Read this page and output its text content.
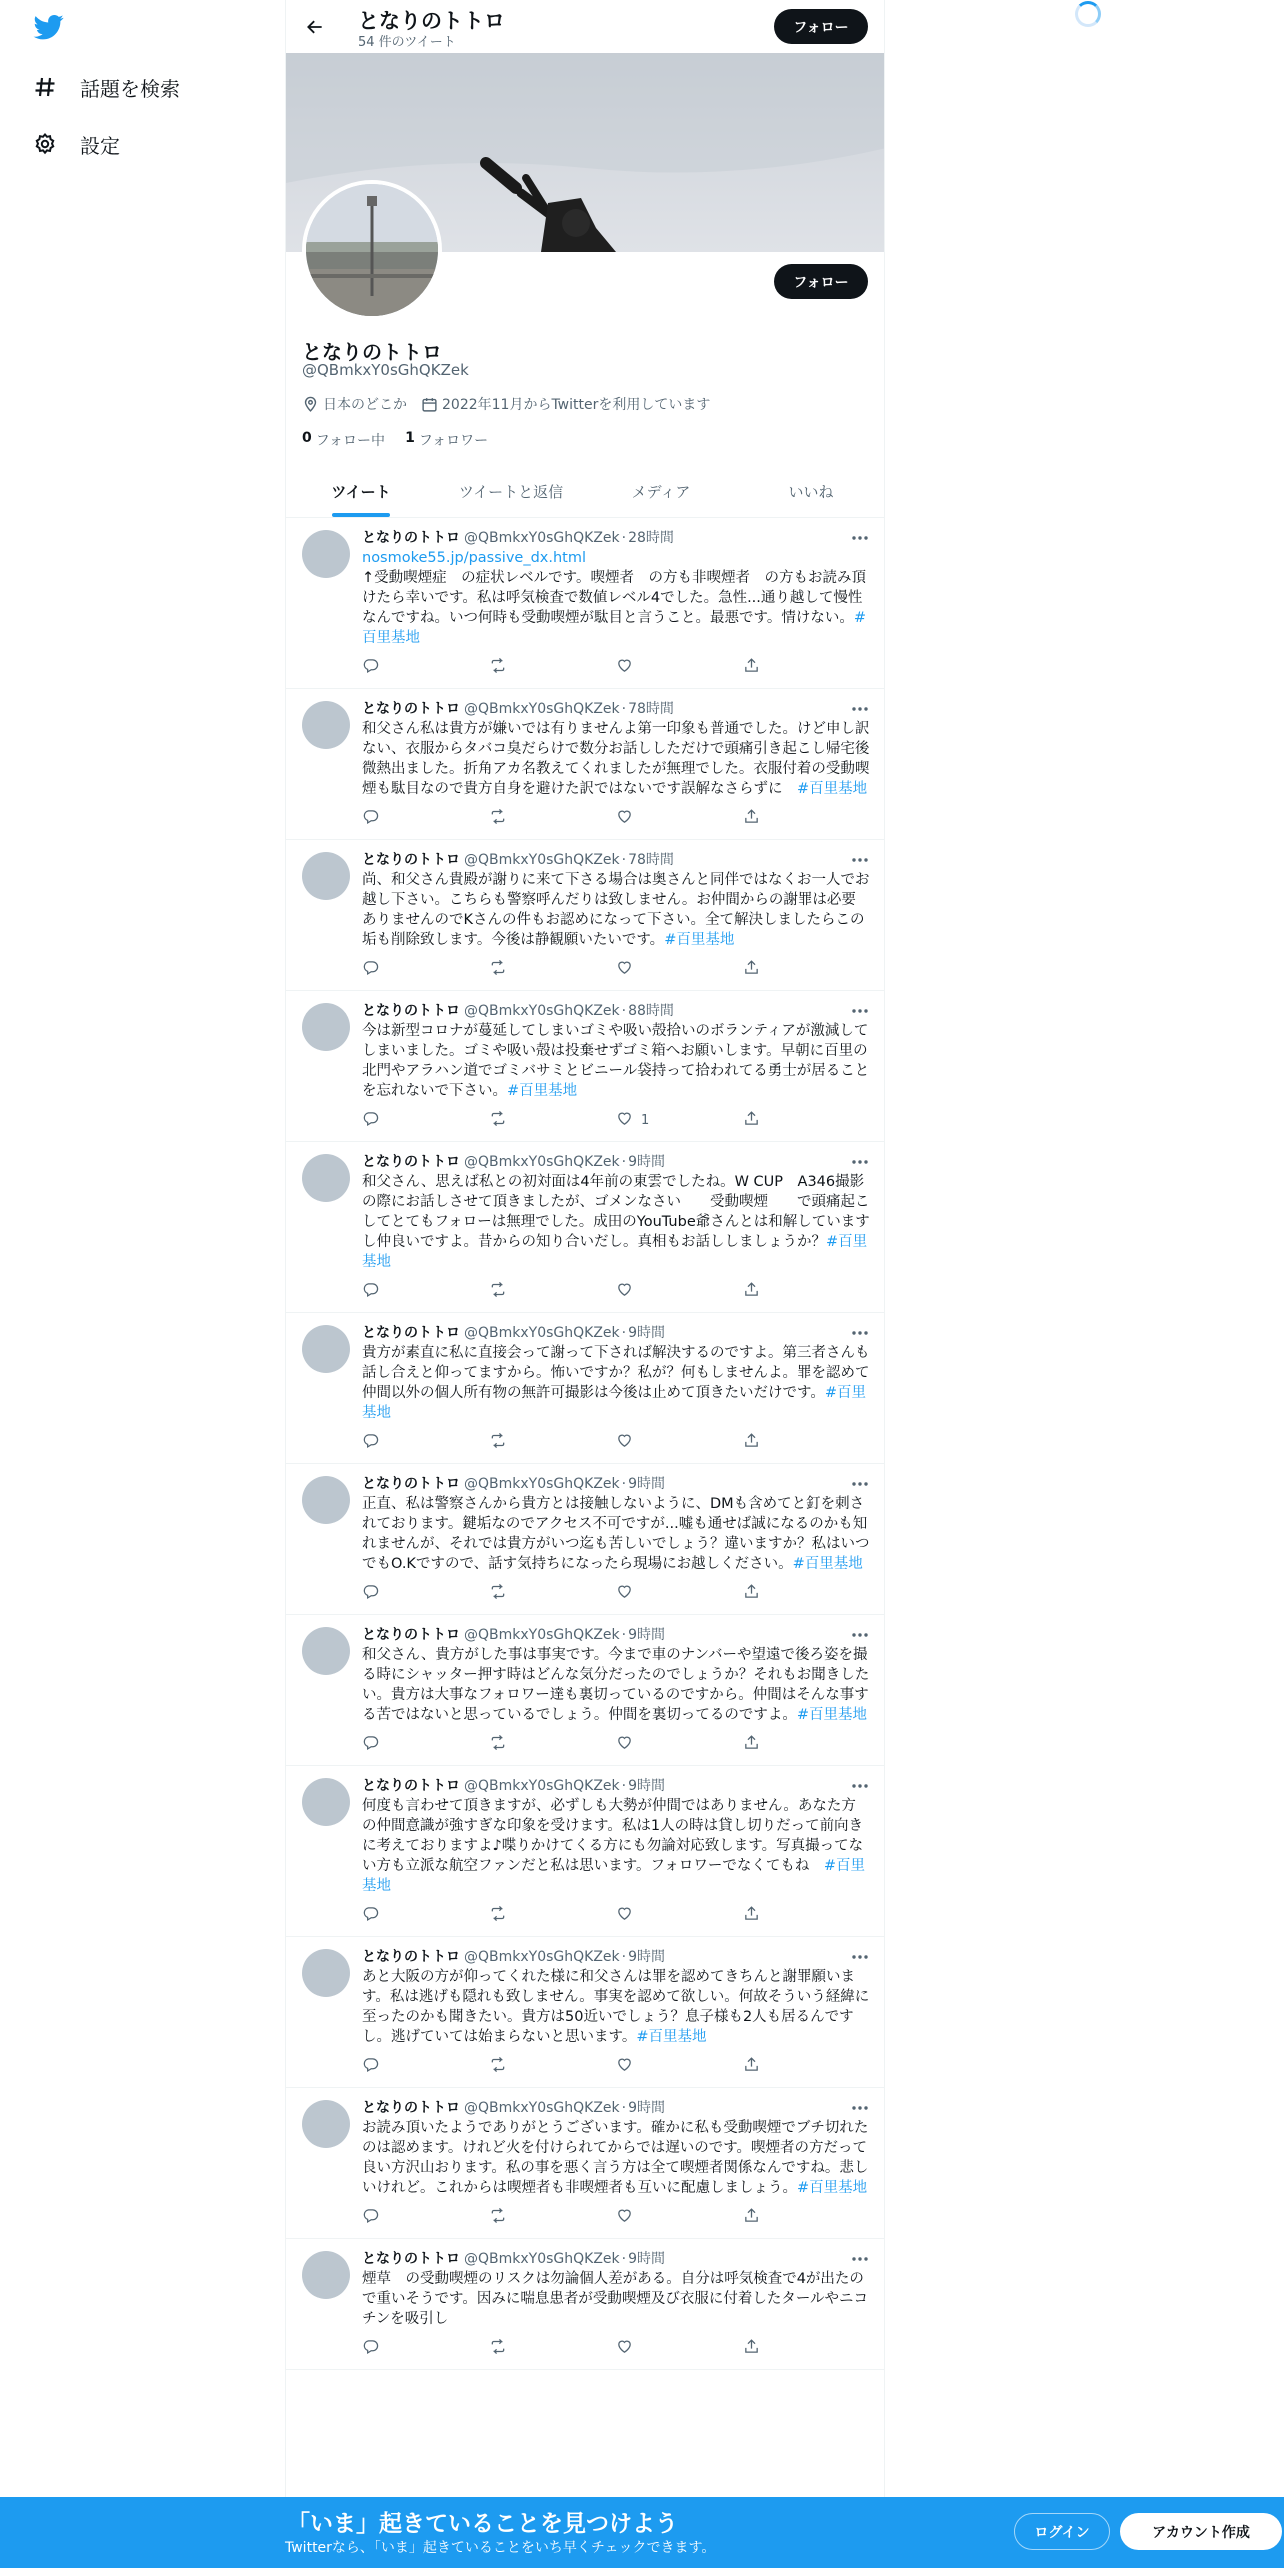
話題を検索
設定
となりのトトロ
54 件のツイート
フォロー
フォロー
となりのトトロ
@QBmkxY0sGhQKZek
日本のどこか	2022年11月からTwitterを利用しています
0 フォロー中 1 フォロワー
ツイート	ツイートと返信	メディア	いいね
となりのトトロ @QBmkxY0sGhQKZek · 28時間
nosmoke55.jp/passive_dx.html
↑受動喫煙症　の症状レベルです。喫煙者　の方も非喫煙者　の方もお読み頂けたら幸いです。私は呼気検査で数値レベル4でした。急性...通り越して慢性なんですね。いつ何時も受動喫煙が駄目と言うこと。最悪です。情けない。#百里基地
となりのトトロ @QBmkxY0sGhQKZek · 78時間
和父さん私は貴方が嫌いでは有りませんよ第一印象も普通でした。けど申し訳ない、衣服からタバコ臭だらけで数分お話ししただけで頭痛引き起こし帰宅後微熱出ました。折角アカ名教えてくれましたが無理でした。衣服付着の受動喫煙も駄目なので貴方自身を避けた訳ではないです誤解なさらずに　#百里基地
となりのトトロ @QBmkxY0sGhQKZek · 78時間
尚、和父さん貴殿が謝りに来て下さる場合は奥さんと同伴ではなくお一人でお越し下さい。こちらも警察呼んだりは致しません。お仲間からの謝罪は必要ありませんのでKさんの件もお認めになって下さい。全て解決しましたらこの垢も削除致します。今後は静観願いたいです。#百里基地
となりのトトロ @QBmkxY0sGhQKZek · 88時間
今は新型コロナが蔓延してしまいゴミや吸い殻拾いのボランティアが激減してしまいました。ゴミや吸い殻は投棄せずゴミ箱へお願いします。早朝に百里の北門やアラハン道でゴミバサミとビニール袋持って拾われてる勇士が居ることを忘れないで下さい。#百里基地
1
となりのトトロ @QBmkxY0sGhQKZek · 9時間
和父さん、思えば私との初対面は4年前の東雲でしたね。W CUP　A346撮影の際にお話しさせて頂きましたが、ゴメンなさい　　受動喫煙　　で頭痛起こしてとてもフォローは無理でした。成田のYouTube爺さんとは和解していますし仲良いですよ。昔からの知り合いだし。真相もお話ししましょうか？#百里基地
となりのトトロ @QBmkxY0sGhQKZek · 9時間
貴方が素直に私に直接会って謝って下されば解決するのですよ。第三者さんも話し合えと仰ってますから。怖いですか？私が？何もしませんよ。罪を認めて仲間以外の個人所有物の無許可撮影は今後は止めて頂きたいだけです。#百里基地
となりのトトロ @QBmkxY0sGhQKZek · 9時間
正直、私は警察さんから貴方とは接触しないように、DMも含めてと釘を刺されております。鍵垢なのでアクセス不可ですが...嘘も通せば誠になるのかも知れませんが、それでは貴方がいつ迄も苦しいでしょう？違いますか？私はいつでもO.Kですので、話す気持ちになったら現場にお越しください。#百里基地
となりのトトロ @QBmkxY0sGhQKZek · 9時間
和父さん、貴方がした事は事実です。今まで車のナンバーや望遠で後ろ姿を撮る時にシャッター押す時はどんな気分だったのでしょうか？それもお聞きしたい。貴方は大事なフォロワー達も裏切っているのですから。仲間はそんな事する苦ではないと思っているでしょう。仲間を裏切ってるのですよ。#百里基地
となりのトトロ @QBmkxY0sGhQKZek · 9時間
何度も言わせて頂きますが、必ずしも大勢が仲間ではありません。あなた方の仲間意識が強すぎな印象を受けます。私は1人の時は貸し切りだって前向きに考えておりますよ♪喋りかけてくる方にも勿論対応致します。写真撮ってない方も立派な航空ファンだと私は思います。フォロワーでなくてもね　#百里基地
となりのトトロ @QBmkxY0sGhQKZek · 9時間
あと大阪の方が仰ってくれた様に和父さんは罪を認めてきちんと謝罪願います。私は逃げも隠れも致しません。事実を認めて欲しい。何故そういう経緯に至ったのかも聞きたい。貴方は50近いでしょう？息子様も2人も居るんですし。逃げていては始まらないと思います。#百里基地
となりのトトロ @QBmkxY0sGhQKZek · 9時間
お読み頂いたようでありがとうございます。確かに私も受動喫煙でブチ切れたのは認めます。けれど火を付けられてからでは遅いのです。喫煙者の方だって良い方沢山おります。私の事を悪く言う方は全て喫煙者関係なんですね。悲しいけれど。これからは喫煙者も非喫煙者も互いに配慮しましょう。#百里基地
となりのトトロ @QBmkxY0sGhQKZek · 9時間
煙草　の受動喫煙のリスクは勿論個人差がある。自分は呼気検査で4が出たので重いそうです。因みに喘息患者が受動喫煙及び衣服に付着したタールやニコチンを吸引し
「いま」起きていることを見つけよう
Twitterなら、「いま」起きていることをいち早くチェックできます。
ログイン	アカウント作成
